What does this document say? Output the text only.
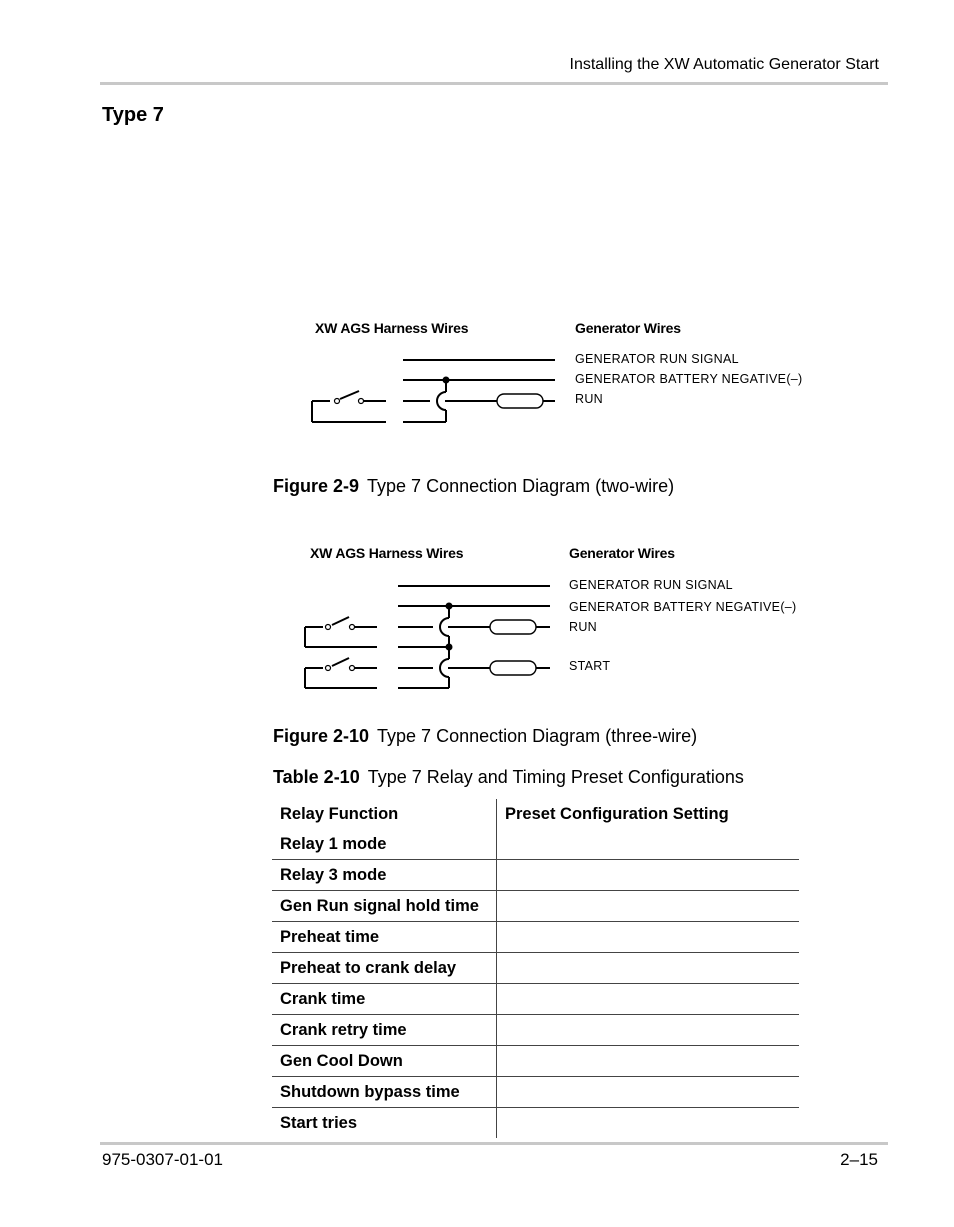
Installing the XW Automatic Generator Start
Type 7
XW AGS Harness Wires	Generator Wires
GENERATOR RUN SIGNAL
GENERATOR BATTERY NEGATIVE(–)
RUN
Figure 2-9 Type 7 Connection Diagram (two-wire)
XW AGS Harness Wires	Generator Wires
GENERATOR RUN SIGNAL
GENERATOR BATTERY NEGATIVE(–)
RUN
START
Figure 2-10 Type 7 Connection Diagram (three-wire)
Table 2-10 Type 7 Relay and Timing Preset Configurations
Relay Function	Preset Configuration Setting
Relay 1 mode	
Relay 3 mode	
Gen Run signal hold time	
Preheat time	
Preheat to crank delay	
Crank time	
Crank retry time	
Gen Cool Down	
Shutdown bypass time	
Start tries	
975-0307-01-01	2–15
